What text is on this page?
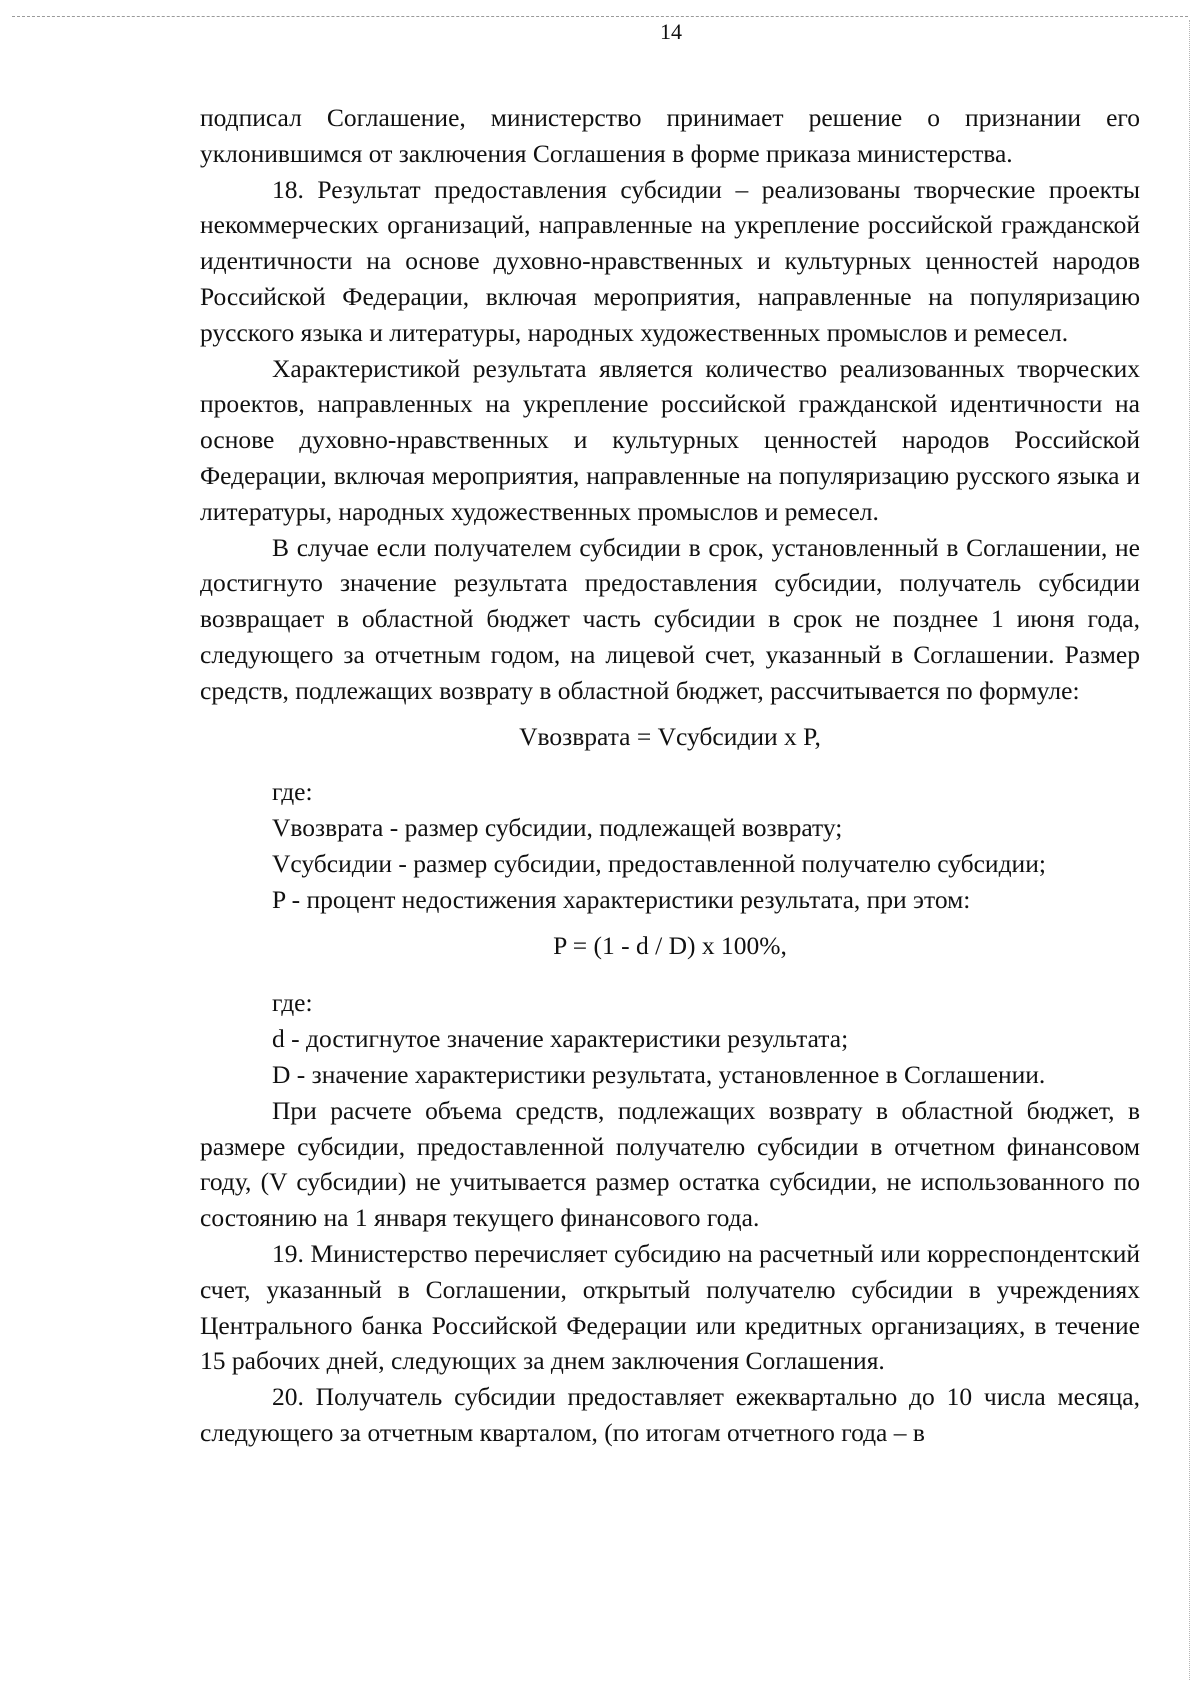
14

подписал Соглашение, министерство принимает решение о признании его уклонившимся от заключения Соглашения в форме приказа министерства.

18. Результат предоставления субсидии – реализованы творческие проекты некоммерческих организаций, направленные на укрепление российской гражданской идентичности на основе духовно-нравственных и культурных ценностей народов Российской Федерации, включая мероприятия, направленные на популяризацию русского языка и литературы, народных художественных промыслов и ремесел.

Характеристикой результата является количество реализованных творческих проектов, направленных на укрепление российской гражданской идентичности на основе духовно-нравственных и культурных ценностей народов Российской Федерации, включая мероприятия, направленные на популяризацию русского языка и литературы, народных художественных промыслов и ремесел.

В случае если получателем субсидии в срок, установленный в Соглашении, не достигнуто значение результата предоставления субсидии, получатель субсидии возвращает в областной бюджет часть субсидии в срок не позднее 1 июня года, следующего за отчетным годом, на лицевой счет, указанный в Соглашении. Размер средств, подлежащих возврату в областной бюджет, рассчитывается по формуле:

Vвозврата = Vсубсидии x P,

где:

Vвозврата - размер субсидии, подлежащей возврату;

Vсубсидии - размер субсидии, предоставленной получателю субсидии;

P - процент недостижения характеристики результата, при этом:

P = (1 - d / D) x 100%,

где:

d - достигнутое значение характеристики результата;

D - значение характеристики результата, установленное в Соглашении.

При расчете объема средств, подлежащих возврату в областной бюджет, в размере субсидии, предоставленной получателю субсидии в отчетном финансовом году, (V субсидии) не учитывается размер остатка субсидии, не использованного по состоянию на 1 января текущего финансового года.

19. Министерство перечисляет субсидию на расчетный или корреспондентский счет, указанный в Соглашении, открытый получателю субсидии в учреждениях Центрального банка Российской Федерации или кредитных организациях, в течение 15 рабочих дней, следующих за днем заключения Соглашения.

20. Получатель субсидии предоставляет ежеквартально до 10 числа месяца, следующего за отчетным кварталом, (по итогам отчетного года – в
